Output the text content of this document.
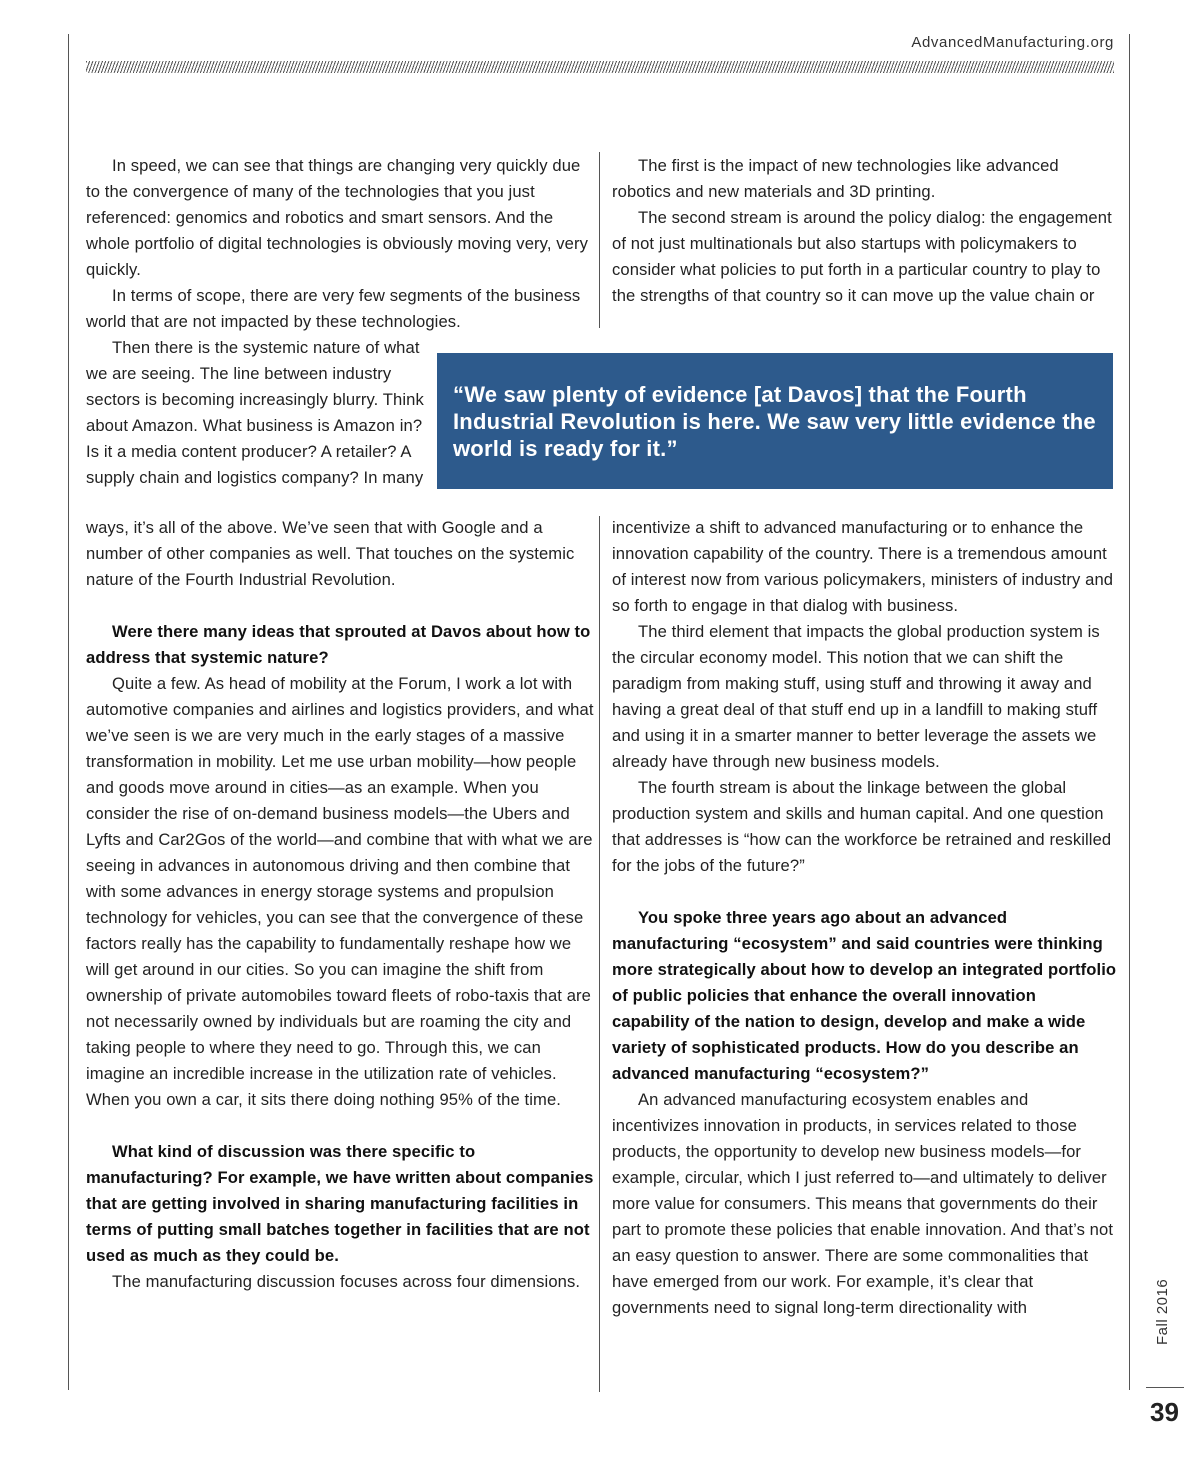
AdvancedManufacturing.org

In speed, we can see that things are changing very quickly due to the convergence of many of the technologies that you just referenced: genomics and robotics and smart sensors. And the whole portfolio of digital technologies is obviously moving very, very quickly.

In terms of scope, there are very few segments of the business world that are not impacted by these technologies.

Then there is the systemic nature of what we are seeing. The line between industry sectors is becoming increasingly blurry. Think about Amazon. What business is Amazon in? Is it a media content producer? A retailer? A supply chain and logistics company? In many

ways, it’s all of the above. We’ve seen that with Google and a number of other companies as well. That touches on the systemic nature of the Fourth Industrial Revolution.

Were there many ideas that sprouted at Davos about how to address that systemic nature?

Quite a few. As head of mobility at the Forum, I work a lot with automotive companies and airlines and logistics providers, and what we’ve seen is we are very much in the early stages of a massive transformation in mobility. Let me use urban mobility—how people and goods move around in cities—as an example. When you consider the rise of on-demand business models—the Ubers and Lyfts and Car2Gos of the world—and combine that with what we are seeing in advances in autonomous driving and then combine that with some advances in energy storage systems and propulsion technology for vehicles, you can see that the convergence of these factors really has the capability to fundamentally reshape how we will get around in our cities. So you can imagine the shift from ownership of private automobiles toward fleets of robo-taxis that are not necessarily owned by individuals but are roaming the city and taking people to where they need to go. Through this, we can imagine an incredible increase in the utilization rate of vehicles. When you own a car, it sits there doing nothing 95% of the time.

What kind of discussion was there specific to manufacturing? For example, we have written about companies that are getting involved in sharing manufacturing facilities in terms of putting small batches together in facilities that are not used as much as they could be.

The manufacturing discussion focuses across four dimensions.

The first is the impact of new technologies like advanced robotics and new materials and 3D printing.

The second stream is around the policy dialog: the engagement of not just multinationals but also startups with policymakers to consider what policies to put forth in a particular country to play to the strengths of that country so it can move up the value chain or

“We saw plenty of evidence [at Davos] that the Fourth Industrial Revolution is here. We saw very little evidence the world is ready for it.”

incentivize a shift to advanced manufacturing or to enhance the innovation capability of the country. There is a tremendous amount of interest now from various policymakers, ministers of industry and so forth to engage in that dialog with business.

The third element that impacts the global production system is the circular economy model. This notion that we can shift the paradigm from making stuff, using stuff and throwing it away and having a great deal of that stuff end up in a landfill to making stuff and using it in a smarter manner to better leverage the assets we already have through new business models.

The fourth stream is about the linkage between the global production system and skills and human capital. And one question that addresses is “how can the workforce be retrained and reskilled for the jobs of the future?”

You spoke three years ago about an advanced manufacturing “ecosystem” and said countries were thinking more strategically about how to develop an integrated portfolio of public policies that enhance the overall innovation capability of the nation to design, develop and make a wide variety of sophisticated products. How do you describe an advanced manufacturing “ecosystem?”

An advanced manufacturing ecosystem enables and incentivizes innovation in products, in services related to those products, the opportunity to develop new business models—for example, circular, which I just referred to—and ultimately to deliver more value for consumers. This means that governments do their part to promote these policies that enable innovation. And that’s not an easy question to answer. There are some commonalities that have emerged from our work. For example, it’s clear that governments need to signal long-term directionality with	Fall 2016
39
